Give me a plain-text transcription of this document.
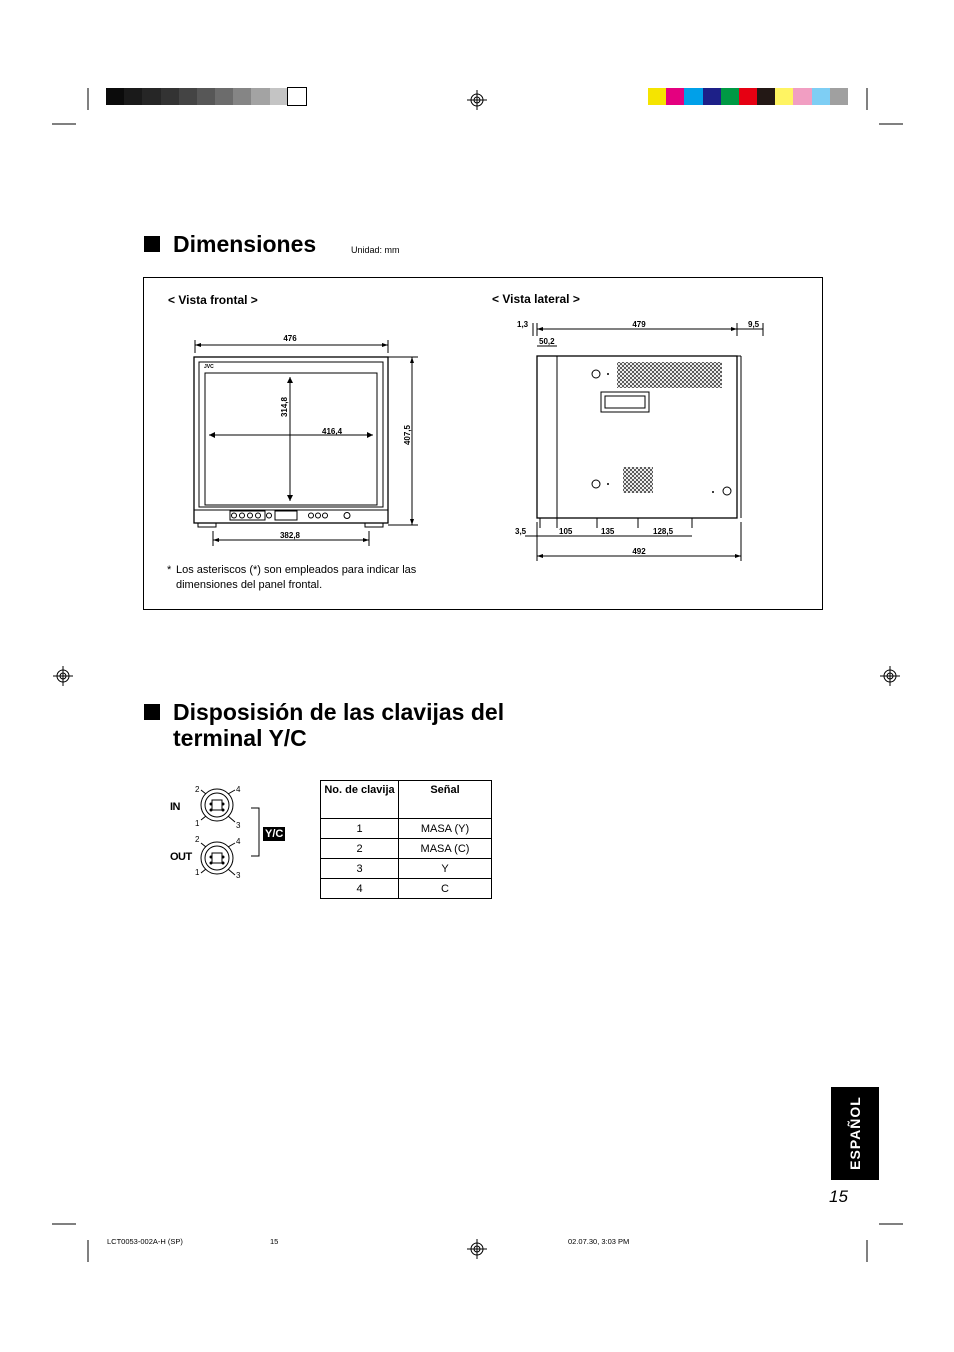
Dimensiones	Unidad: mm
< Vista frontal >	< Vista lateral >
476
JVC
314,8
416,4	407,5
382,8
1,3	479	9,5
50,2
3,5	105	135	128,5
492
* Los asteriscos (*) son empleados para indicar las
dimensiones del panel frontal.
Disposisión de las clavijas del
terminal Y/C
2	4
1	3
2	4
1	3
IN
OUT
Y/C
No. de clavija	Señal
1	MASA (Y)
2	MASA (C)
3	Y
4	C
ESPAÑOL
15
LCT0053-002A-H (SP)	15	02.07.30, 3:03 PM
